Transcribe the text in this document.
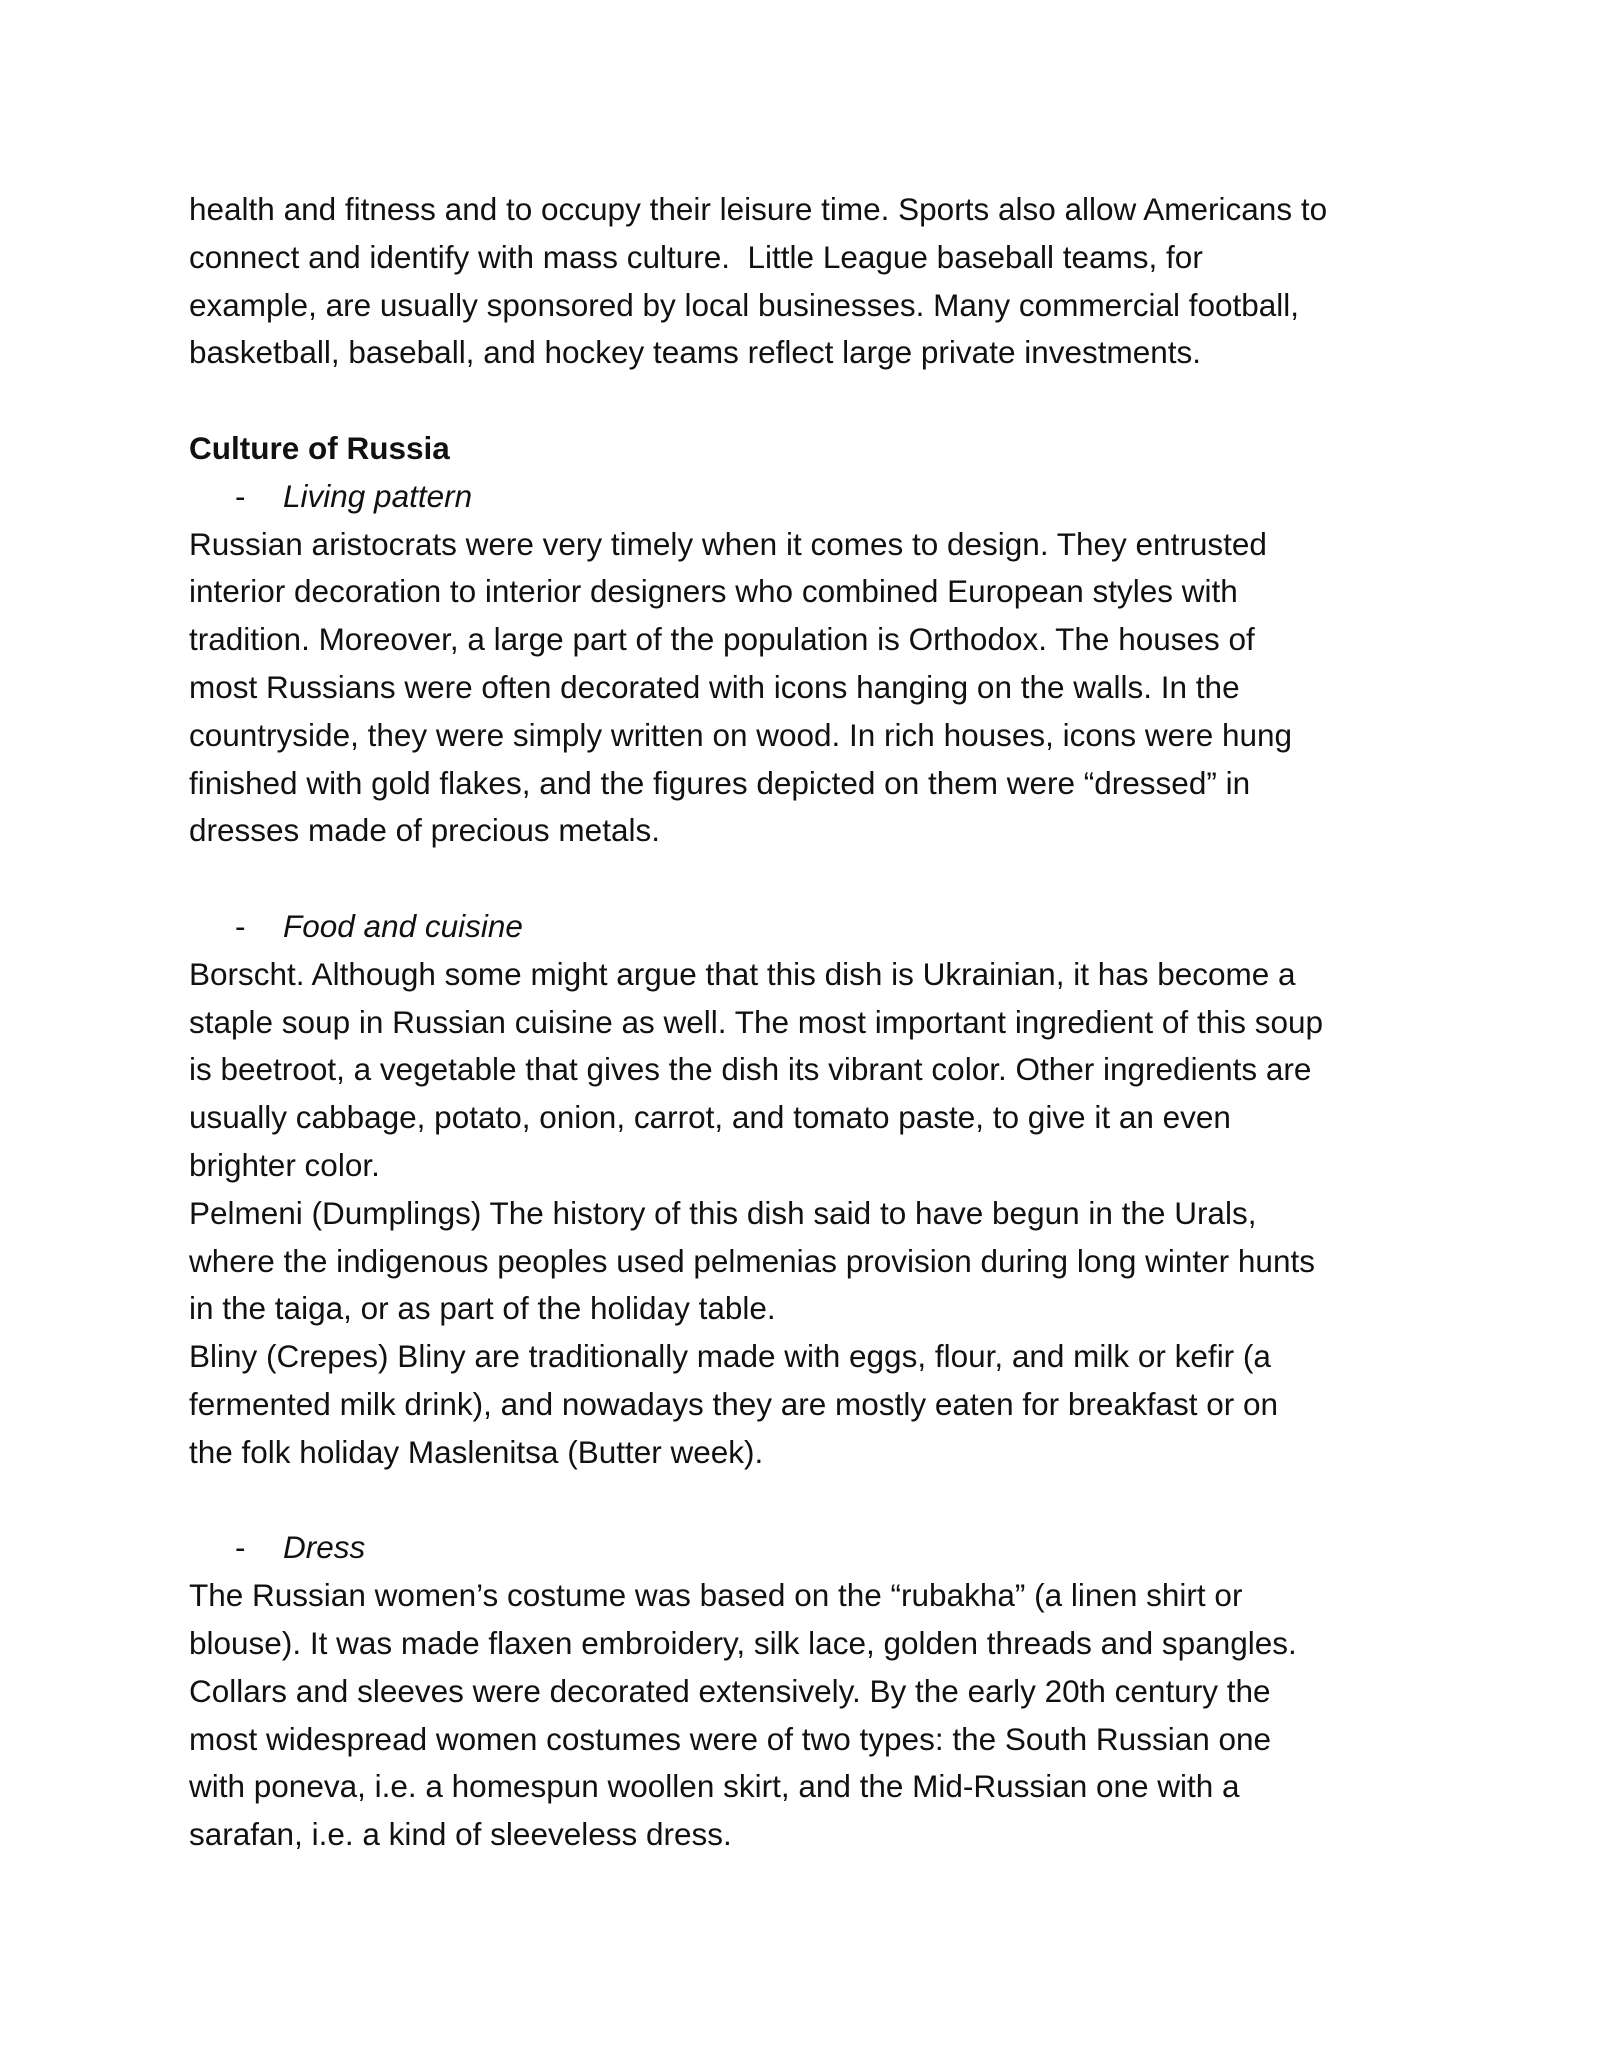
health and fitness and to occupy their leisure time. Sports also allow Americans to

connect and identify with mass culture.  Little League baseball teams, for

example, are usually sponsored by local businesses. Many commercial football,

basketball, baseball, and hockey teams reflect large private investments.

Culture of Russia

-	Living pattern

Russian aristocrats were very timely when it comes to design. They entrusted

interior decoration to interior designers who combined European styles with

tradition. Moreover, a large part of the population is Orthodox. The houses of

most Russians were often decorated with icons hanging on the walls. In the

countryside, they were simply written on wood. In rich houses, icons were hung

finished with gold flakes, and the figures depicted on them were “dressed” in

dresses made of precious metals.

-	Food and cuisine

Borscht. Although some might argue that this dish is Ukrainian, it has become a

staple soup in Russian cuisine as well. The most important ingredient of this soup

is beetroot, a vegetable that gives the dish its vibrant color. Other ingredients are

usually cabbage, potato, onion, carrot, and tomato paste, to give it an even

brighter color.

Pelmeni (Dumplings) The history of this dish said to have begun in the Urals,

where the indigenous peoples used pelmenias provision during long winter hunts

in the taiga, or as part of the holiday table.

Bliny (Crepes) Bliny are traditionally made with eggs, flour, and milk or kefir (a

fermented milk drink), and nowadays they are mostly eaten for breakfast or on

the folk holiday Maslenitsa (Butter week).

-	Dress

The Russian women’s costume was based on the “rubakha” (a linen shirt or

blouse). It was made flaxen embroidery, silk lace, golden threads and spangles.

Collars and sleeves were decorated extensively. By the early 20th century the

most widespread women costumes were of two types: the South Russian one

with poneva, i.e. a homespun woollen skirt, and the Mid-Russian one with a

sarafan, i.e. a kind of sleeveless dress.
